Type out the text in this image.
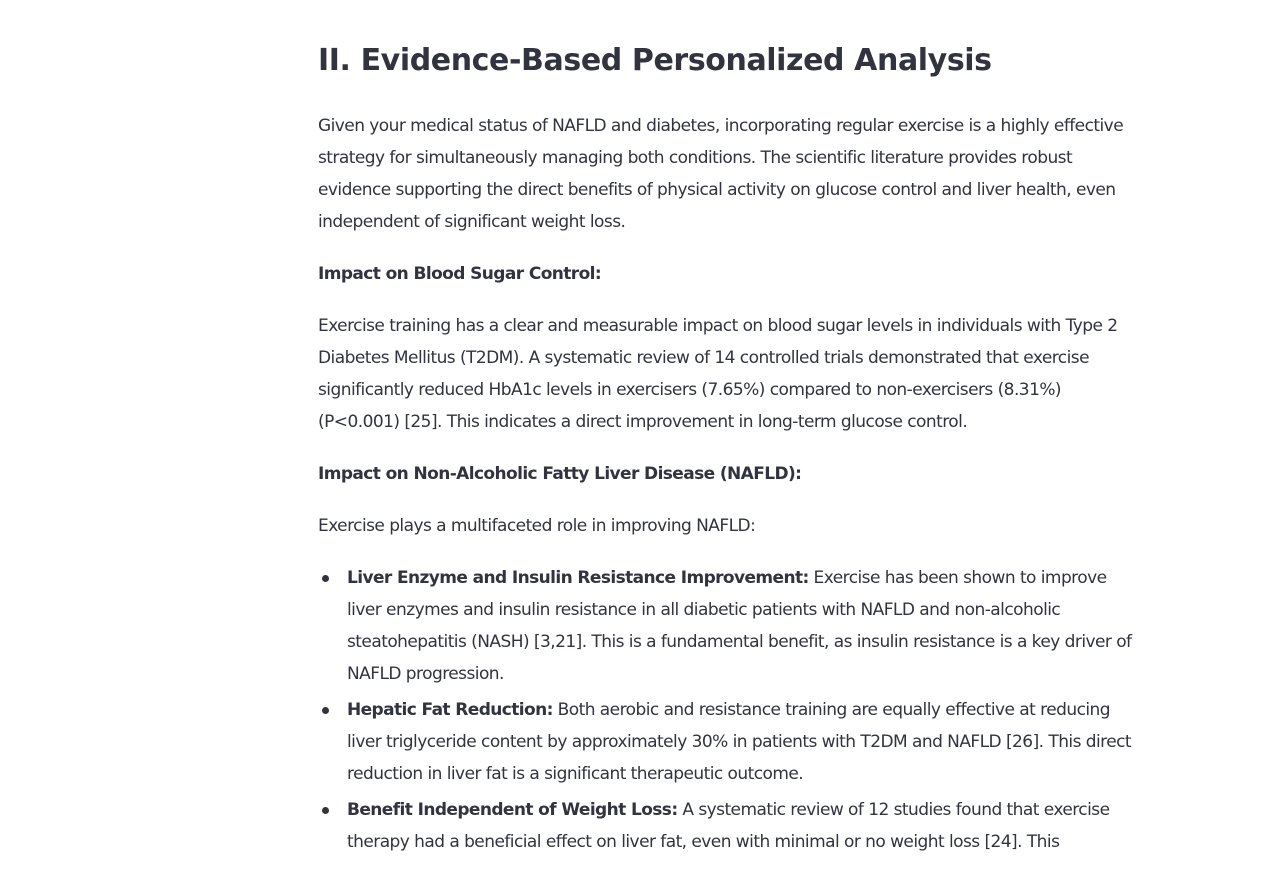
II. Evidence-Based Personalized Analysis

Given your medical status of NAFLD and diabetes, incorporating regular exercise is a highly effective strategy for simultaneously managing both conditions. The scientific literature provides robust evidence supporting the direct benefits of physical activity on glucose control and liver health, even independent of significant weight loss.

Impact on Blood Sugar Control:

Exercise training has a clear and measurable impact on blood sugar levels in individuals with Type 2 Diabetes Mellitus (T2DM). A systematic review of 14 controlled trials demonstrated that exercise significantly reduced HbA1c levels in exercisers (7.65%) compared to non-exercisers (8.31%) (P<0.001) [25]. This indicates a direct improvement in long-term glucose control.

Impact on Non-Alcoholic Fatty Liver Disease (NAFLD):

Exercise plays a multifaceted role in improving NAFLD:

Liver Enzyme and Insulin Resistance Improvement: Exercise has been shown to improve liver enzymes and insulin resistance in all diabetic patients with NAFLD and non-alcoholic steatohepatitis (NASH) [3,21]. This is a fundamental benefit, as insulin resistance is a key driver of NAFLD progression.
Hepatic Fat Reduction: Both aerobic and resistance training are equally effective at reducing liver triglyceride content by approximately 30% in patients with T2DM and NAFLD [26]. This direct reduction in liver fat is a significant therapeutic outcome.
Benefit Independent of Weight Loss: A systematic review of 12 studies found that exercise therapy had a beneficial effect on liver fat, even with minimal or no weight loss [24]. This
